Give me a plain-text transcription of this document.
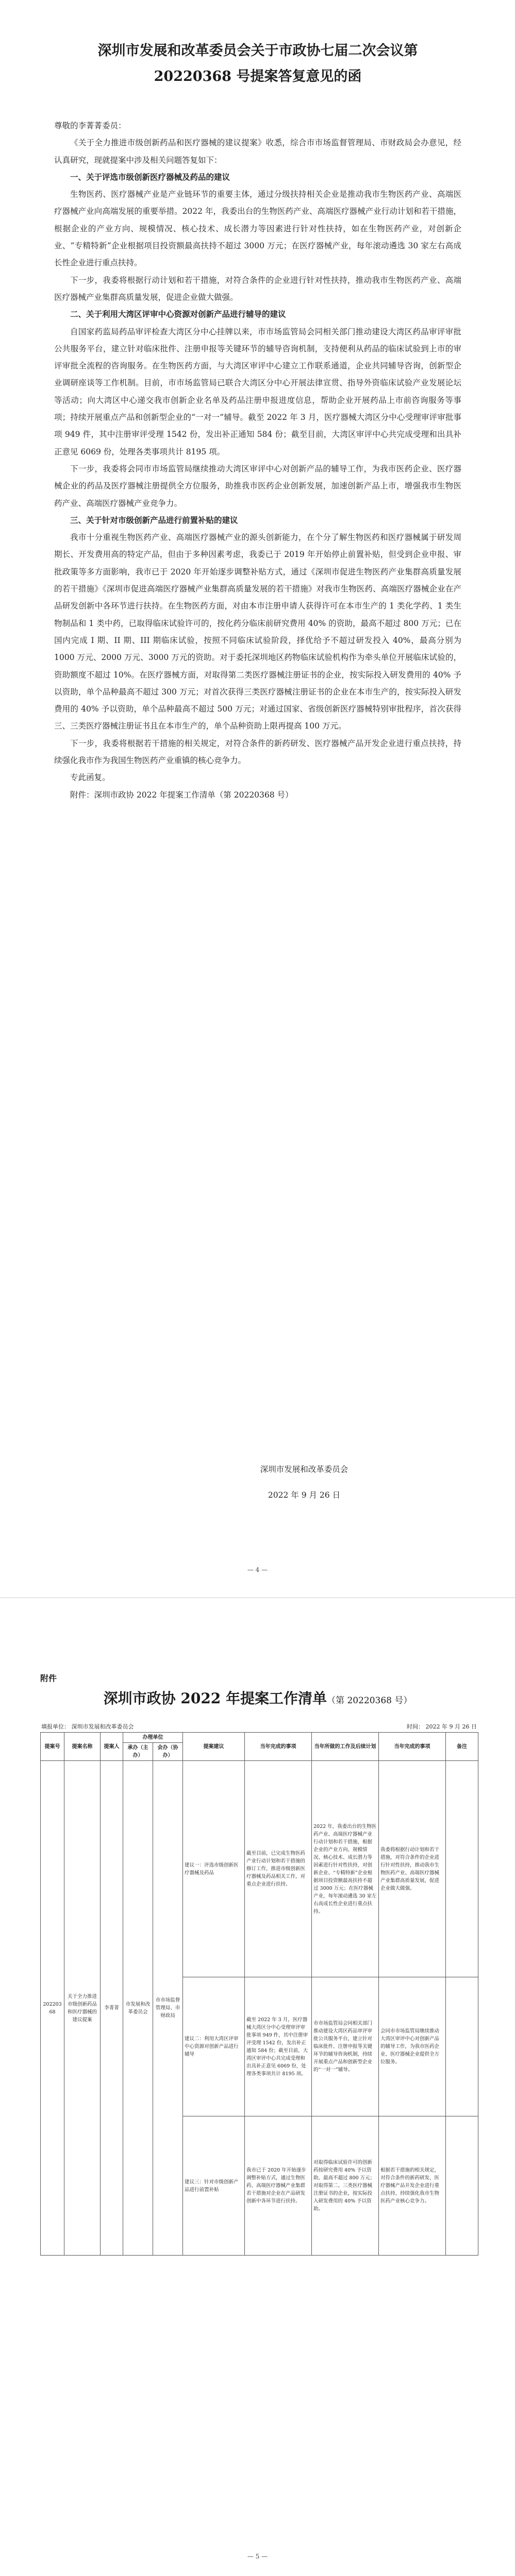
深圳市发展和改革委员会关于市政协七届二次会议第 20220368 号提案答复意见的函

尊敬的李菁菁委员：

《关于全力推进市级创新药品和医疗器械的建议提案》收悉，综合市市场监督管理局、市财政局会办意见，经认真研究，现就提案中涉及相关问题答复如下：

一、关于评选市级创新医疗器械及药品的建议

生物医药、医疗器械产业是产业链环节的重要主体，通过分级扶持相关企业是推动我市生物医药产业、高端医疗器械产业向高端发展的重要举措。2022 年，我委出台的生物医药产业、高端医疗器械产业行动计划和若干措施，根据企业的产业方向、规模情况、核心技术、成长潜力等因素进行针对性扶持，如在生物医药产业，对创新企业、“专精特新”企业根据项目投资额最高扶持不超过 3000 万元；在医疗器械产业，每年滚动遴选 30 家左右高成长性企业进行重点扶持。

下一步，我委将根据行动计划和若干措施，对符合条件的企业进行针对性扶持，推动我市生物医药产业、高端医疗器械产业集群高质量发展，促进企业做大做强。

二、关于利用大湾区评审中心资源对创新产品进行辅导的建议

自国家药监局药品审评检查大湾区分中心挂牌以来，市市场监管局会同相关部门推动建设大湾区药品审评审批公共服务平台，建立针对临床批件、注册申报等关键环节的辅导咨询机制，支持便利从药品的临床试验到上市的审评审批全流程的咨询服务。在生物医药方面，与大湾区审评中心建立工作联系通道，企业共同辅导咨询，创新型企业调研座谈等工作机制。目前，市市场监管局已联合大湾区分中心开展法律宣贯、指导外资临床试验产业发展论坛等活动；向大湾区中心递交我市创新企业名单及药品注册申报进度信息，帮助企业开展药品上市前咨询服务等事项；持续开展重点产品和创新型企业的“一对一”辅导。截至 2022 年 3 月，医疗器械大湾区分中心受理审评审批事项 949 件，其中注册审评受理 1542 份，发出补正通知 584 份；截至目前，大湾区审评中心共完成受理和出具补正意见 6069 份，处理各类事项共计 8195 项。

下一步，我委将会同市市场监管局继续推动大湾区审评中心对创新产品的辅导工作，为我市医药企业、医疗器械企业的药品及医疗器械注册提供全方位服务，助推我市医药企业创新发展，加速创新产品上市，增强我市生物医药产业、高端医疗器械产业竞争力。

三、关于针对市级创新产品进行前置补贴的建议

我市十分重视生物医药产业、高端医疗器械产业的源头创新能力，在个分了解生物医药和医疗器械属于研发周期长、开发费用高的特定产品，但由于多种因素考虑，我委已于 2019 年开始停止前置补贴，但受到企业申报、审批政策等多方面影响，我市已于 2020 年开始逐步调整补贴方式，通过《深圳市促进生物医药产业集群高质量发展的若干措施》《深圳市促进高端医疗器械产业集群高质量发展的若干措施》对我市生物医药、高端医疗器械企业在产品研发创新中各环节进行扶持。在生物医药方面，对由本市注册申请人获得许可在本市生产的 1 类化学药、1 类生物制品和 1 类中药，已取得临床试验许可的，按化药分临床前研究费用 40% 的资助，最高不超过 800 万元；已在国内完成 I 期、II 期、III 期临床试验，按照不同临床试验阶段，择优给予不超过研发投入 40%，最高分别为 1000 万元、2000 万元、3000 万元的资助。对于委托深圳地区药物临床试验机构作为牵头单位开展临床试验的，资助额度不超过 10%。在医疗器械方面，对取得第二类医疗器械注册证书的企业，按实际投入研发费用的 40% 予以资助，单个品种最高不超过 300 万元；对首次获得三类医疗器械注册证书的企业在本市生产的，按实际投入研发费用的 40% 予以资助，单个品种最高不超过 500 万元；对通过国家、省级创新医疗器械特别审批程序，首次获得三、三类医疗器械注册证书且在本市生产的，单个品种资助上限再提高 100 万元。

下一步，我委将根据若干措施的相关规定，对符合条件的新药研发、医疗器械产品开发企业进行重点扶持，持续强化我市作为我国生物医药产业重镇的核心竞争力。

专此函复。

附件：深圳市政协 2022 年提案工作清单（第 20220368 号）

深圳市发展和改革委员会
2022 年 9 月 26 日
— 4 —
附件
深圳市政协 2022 年提案工作清单（第 20220368 号）
填报单位： 深圳市发展和改革委员会	时间： 2022 年 9 月 26 日
提案号	提案名称	提案人	办理单位		提案建议	当年完成的事项	当年所做的工作及后续计划	当年完成的事项	备注
			承办（主办）	会办（协办）					
20220368	关于全力推进市级创新药品和医疗器械的建议提案	李菁菁	市发展和改革委员会	市市场监督管理局、市财政局	建议一：评选市级创新医疗器械及药品	截至目前，已完成生物医药产业行动计划和若干措施的修订工作，推进市级创新医疗器械及药品相关工作，对重点企业进行扶持。	2022 年，我委出台的生物医药产业、高端医疗器械产业行动计划和若干措施，根据企业的产业方向、规模情况、核心技术、成长潜力等因素进行针对性扶持，对创新企业、“专精特新”企业根据项目投资额最高扶持不超过 3000 万元；在医疗器械产业，每年滚动遴选 30 家左右高成长性企业进行重点扶持。	我委将根据行动计划和若干措施，对符合条件的企业进行针对性扶持，推动我市生物医药产业、高端医疗器械产业集群高质量发展，促进企业做大做强。	
					建议二：利用大湾区评审中心资源对创新产品进行辅导	截至 2022 年 3 月，医疗器械大湾区分中心受理审评审批事项 949 件，其中注册审评受理 1542 份，发出补正通知 584 份；截至目前，大湾区审评中心共完成受理和出具补正意见 6069 份，处理各类事项共计 8195 项。	市市场监管局会同相关部门推动建设大湾区药品审评审批公共服务平台，建立针对临床批件、注册申报等关键环节的辅导咨询机制，持续开展重点产品和创新型企业的“一对一”辅导。	会同市市场监管局继续推动大湾区审评中心对创新产品的辅导工作，为我市医药企业、医疗器械企业提供全方位服务。	
					建议三：针对市级创新产品进行前置补贴	我市已于 2020 年开始逐步调整补贴方式，通过生物医药、高端医疗器械产业集群若干措施对企业在产品研发创新中各环节进行扶持。	对取得临床试验许可的创新药按研究费用 40% 予以资助，最高不超过 800 万元；对取得第二、三类医疗器械注册证书的企业，按实际投入研发费用的 40% 予以资助。	根据若干措施的相关规定，对符合条件的新药研发、医疗器械产品开发企业进行重点扶持，持续强化我市生物医药产业核心竞争力。	
— 5 —
